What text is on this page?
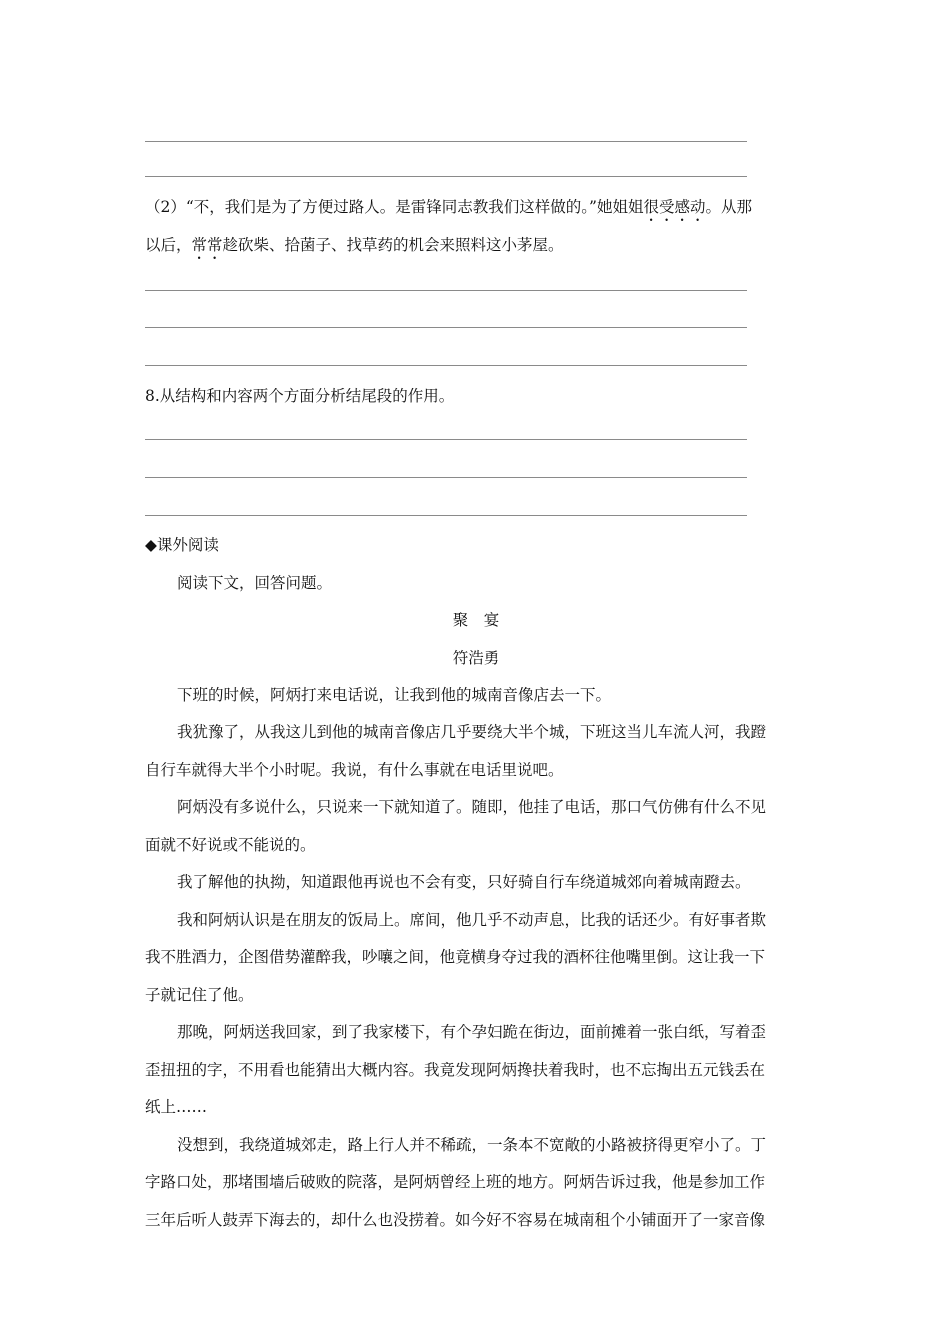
（2）“不，我们是为了方便过路人。是雷锋同志教我们这样做的。”她姐姐很受感动。从那
以后，常常趁砍柴、拾菌子、找草药的机会来照料这小茅屋。
8.从结构和内容两个方面分析结尾段的作用。
◆课外阅读
阅读下文，回答问题。
聚　宴
符浩勇
下班的时候，阿炳打来电话说，让我到他的城南音像店去一下。
我犹豫了，从我这儿到他的城南音像店几乎要绕大半个城，下班这当儿车流人河，我蹬
自行车就得大半个小时呢。我说，有什么事就在电话里说吧。
阿炳没有多说什么，只说来一下就知道了。随即，他挂了电话，那口气仿佛有什么不见
面就不好说或不能说的。
我了解他的执拗，知道跟他再说也不会有变，只好骑自行车绕道城郊向着城南蹬去。
我和阿炳认识是在朋友的饭局上。席间，他几乎不动声息，比我的话还少。有好事者欺
我不胜酒力，企图借势灌醉我，吵嚷之间，他竟横身夺过我的酒杯往他嘴里倒。这让我一下
子就记住了他。
那晚，阿炳送我回家，到了我家楼下，有个孕妇跪在街边，面前摊着一张白纸，写着歪
歪扭扭的字，不用看也能猜出大概内容。我竟发现阿炳搀扶着我时，也不忘掏出五元钱丢在
纸上……
没想到，我绕道城郊走，路上行人并不稀疏，一条本不宽敞的小路被挤得更窄小了。丁
字路口处，那堵围墙后破败的院落，是阿炳曾经上班的地方。阿炳告诉过我，他是参加工作
三年后听人鼓弄下海去的，却什么也没捞着。如今好不容易在城南租个小铺面开了一家音像
